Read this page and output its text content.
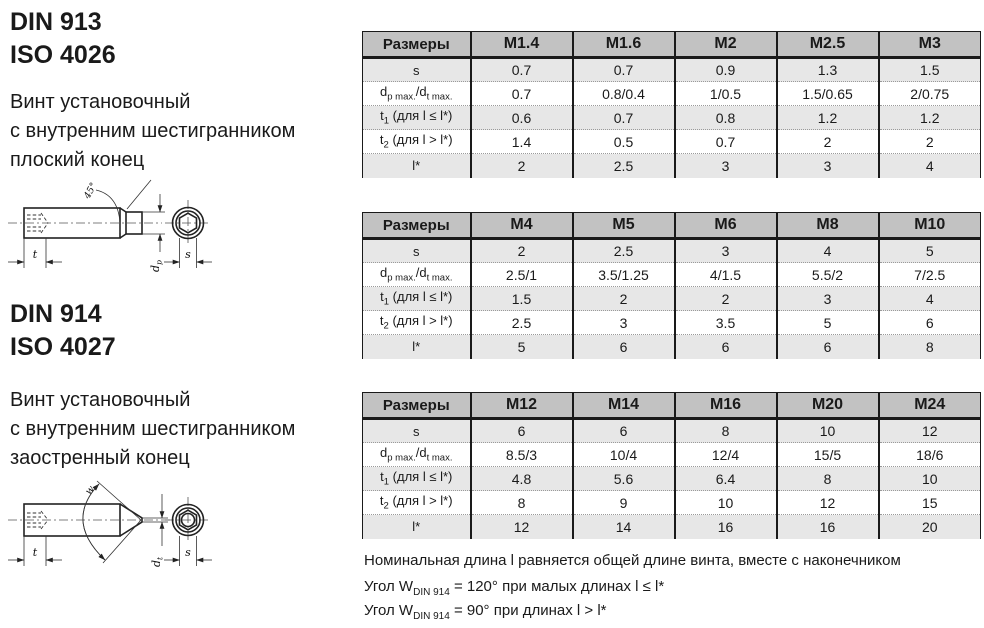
DIN 913
ISO 4026
Винт установочный
с внутренним шестигранником
плоский конец
45°
t
$d_p$
s
DIN 914
ISO 4027
Винт установочный
с внутренним шестигранником
заостренный конец
w
t
$d_t$ s
Размеры	M1.4	M1.6	M2	M2.5	M3
s	0.7	0.7	0.9	1.3	1.5
$d_{p max.}/d_{t max.}$	0.7	0.8/0.4	1/0.5	1.5/0.65	2/0.75
$t_1$ (для l ≤ l*)	0.6	0.7	0.8	1.2	1.2
$t_2$ (для l > l*)	1.4	0.5	0.7	2	2
l*	2	2.5	3	3	4
Размеры	M4	M5	M6	M8	M10
s	2	2.5	3	4	5
$d_{p max.}/d_{t max.}$	2.5/1	3.5/1.25	4/1.5	5.5/2	7/2.5
$t_1$ (для l ≤ l*)	1.5	2	2	3	4
$t_2$ (для l > l*)	2.5	3	3.5	5	6
l*	5	6	6	6	8
Размеры	M12	M14	M16	M20	M24
s	6	6	8	10	12
$d_{p max.}/d_{t max.}$	8.5/3	10/4	12/4	15/5	18/6
$t_1$ (для l ≤ l*)	4.8	5.6	6.4	8	10
$t_2$ (для l > l*)	8	9	10	12	15
l*	12	14	16	16	20
Номинальная длина l равняется общей длине винта, вместе с наконечником
Угол $W_{DIN 914} = 120^\circ$ при малых длинах l ≤ l*
Угол $W_{DIN 914} = 90^\circ$ при длинах l > l*
